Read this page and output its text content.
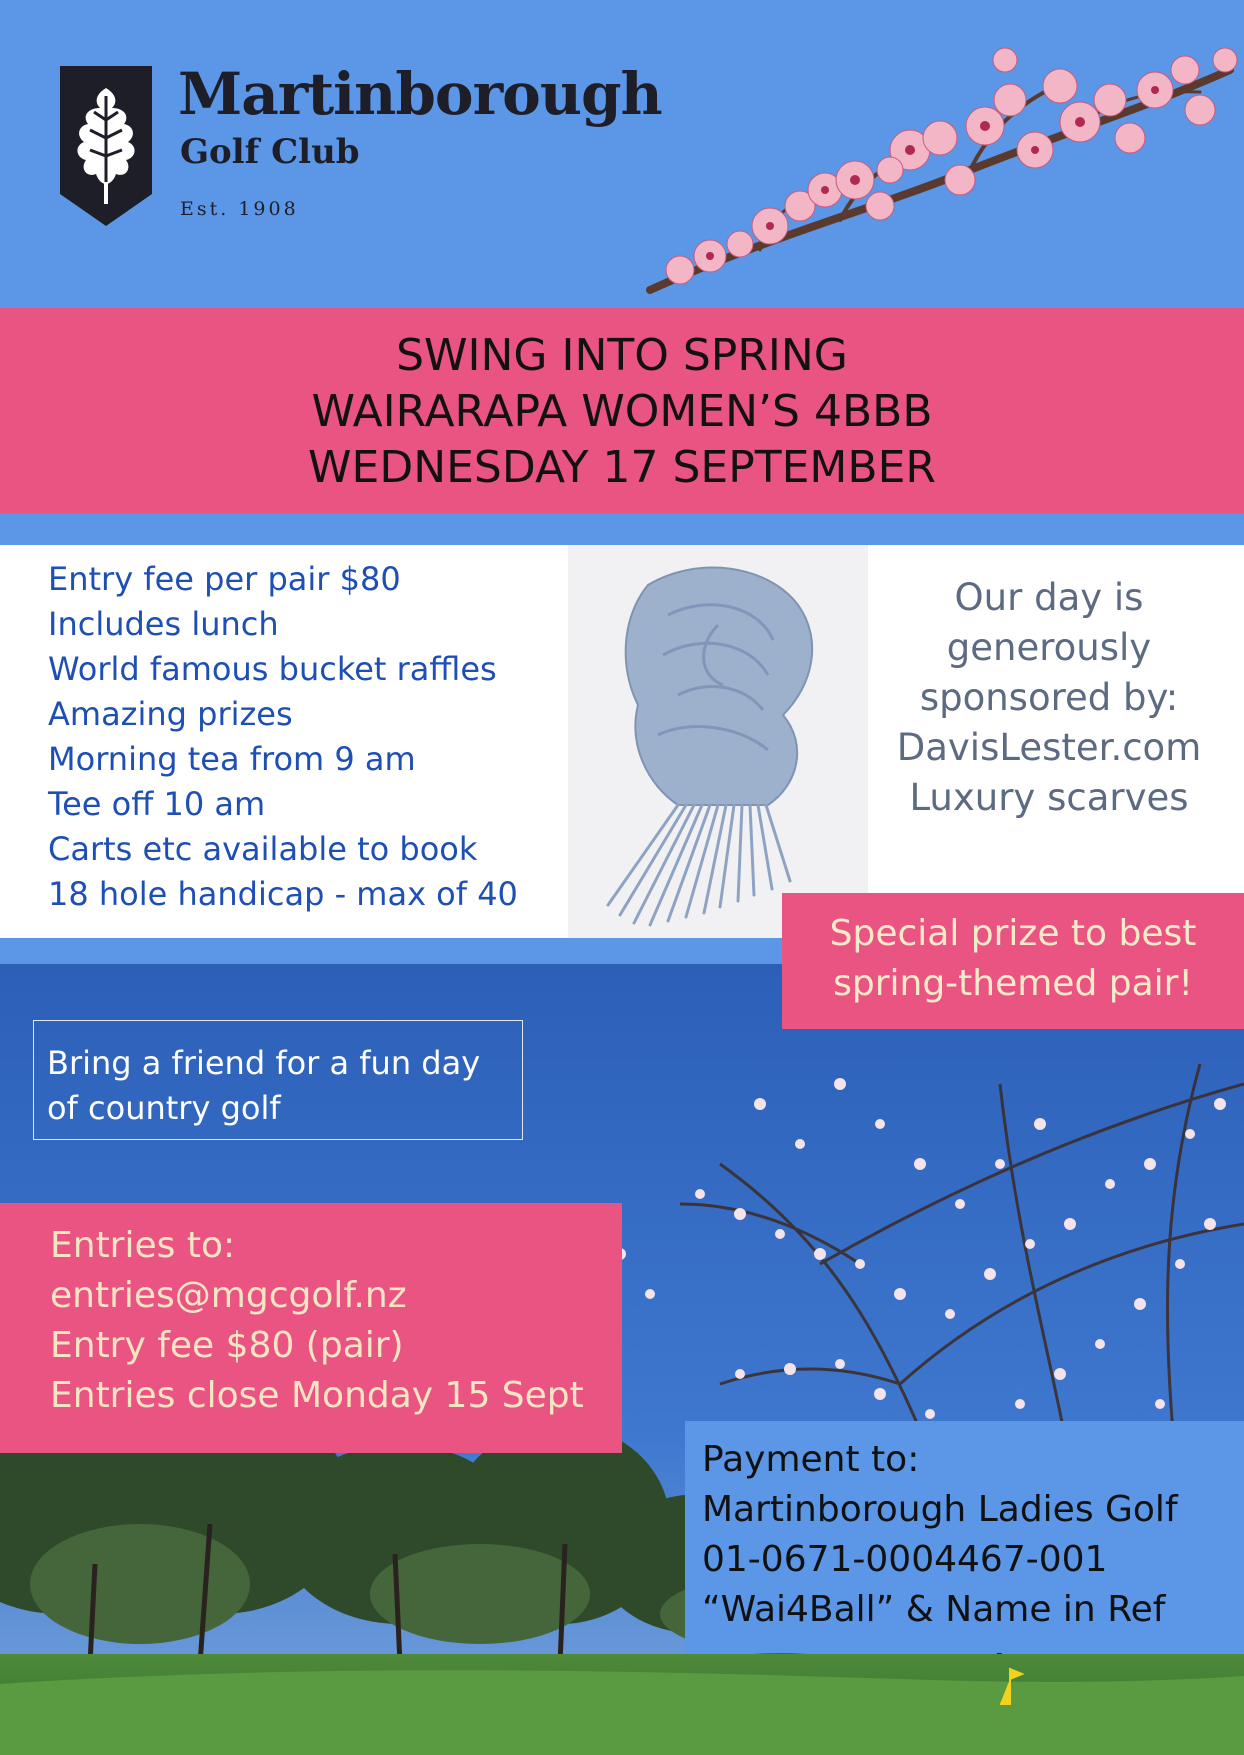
Martinborough
Golf Club
Est. 1908
SWING INTO SPRING
WAIRARAPA WOMEN’S 4BBB
WEDNESDAY 17 SEPTEMBER
Entry fee per pair $80
Includes lunch
World famous bucket raffles
Amazing prizes
Morning tea from 9 am
Tee off 10 am
Carts etc available to book
18 hole handicap - max of 40
Our day is
generously
sponsored by:
DavisLester.com
Luxury scarves
Special prize to best
spring-themed pair!
Bring a friend for a fun day
of country golf
Entries to:
entries@mgcgolf.nz
Entry fee $80 (pair)
Entries close Monday 15 Sept
Payment to:
Martinborough Ladies Golf
01-0671-0004467-001
“Wai4Ball” & Name in Ref
